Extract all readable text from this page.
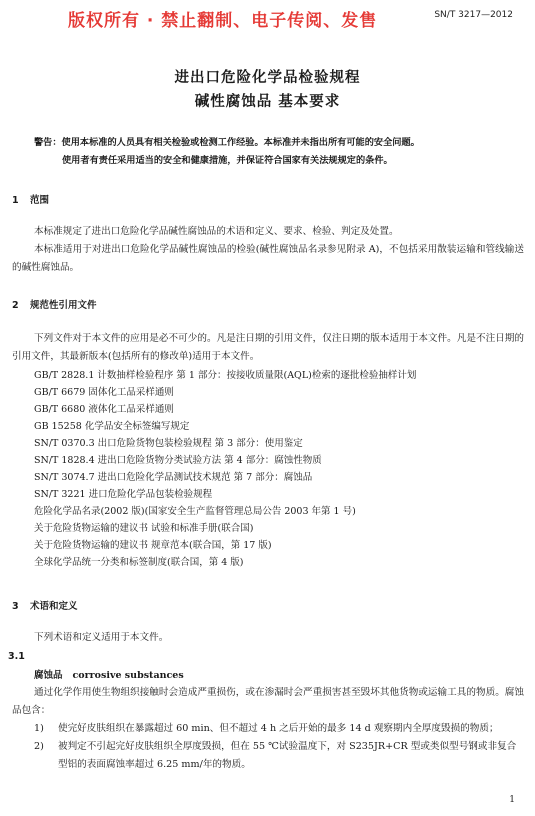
版权所有 · 禁止翻制、电子传阅、发售	SN/T 3217—2012
进出口危险化学品检验规程
碱性腐蚀品 基本要求
警告：使用本标准的人员具有相关检验或检测工作经验。本标准并未指出所有可能的安全问题。
使用者有责任采用适当的安全和健康措施，并保证符合国家有关法规规定的条件。
1 范围
本标准规定了进出口危险化学品碱性腐蚀品的术语和定义、要求、检验、判定及处置。
本标准适用于对进出口危险化学品碱性腐蚀品的检验(碱性腐蚀品名录参见附录 A)，不包括采用散装运输和管线输送的碱性腐蚀品。
2 规范性引用文件
下列文件对于本文件的应用是必不可少的。凡是注日期的引用文件，仅注日期的版本适用于本文件。凡是不注日期的引用文件，其最新版本(包括所有的修改单)适用于本文件。
GB/T 2828.1 计数抽样检验程序 第 1 部分：按接收质量限(AQL)检索的逐批检验抽样计划
GB/T 6679 固体化工品采样通则
GB/T 6680 液体化工品采样通则
GB 15258 化学品安全标签编写规定
SN/T 0370.3 出口危险货物包装检验规程 第 3 部分：使用鉴定
SN/T 1828.4 进出口危险货物分类试验方法 第 4 部分：腐蚀性物质
SN/T 3074.7 进出口危险化学品测试技术规范 第 7 部分：腐蚀品
SN/T 3221 进口危险化学品包装检验规程
危险化学品名录(2002 版)(国家安全生产监督管理总局公告 2003 年第 1 号)
关于危险货物运输的建议书 试验和标准手册(联合国)
关于危险货物运输的建议书 规章范本(联合国，第 17 版)
全球化学品统一分类和标签制度(联合国，第 4 版)
3 术语和定义
下列术语和定义适用于本文件。
3.1
腐蚀品 corrosive substances
通过化学作用使生物组织接触时会造成严重损伤，或在渗漏时会严重损害甚至毁坏其他货物或运输工具的物质。腐蚀品包含：
1) 使完好皮肤组织在暴露超过 60 min、但不超过 4 h 之后开始的最多 14 d 观察期内全厚度毁损的物质；
2) 被判定不引起完好皮肤组织全厚度毁损，但在 55 ℃试验温度下，对 S235JR+CR 型或类似型号钢或非复合型铝的表面腐蚀率超过 6.25 mm/年的物质。
1
